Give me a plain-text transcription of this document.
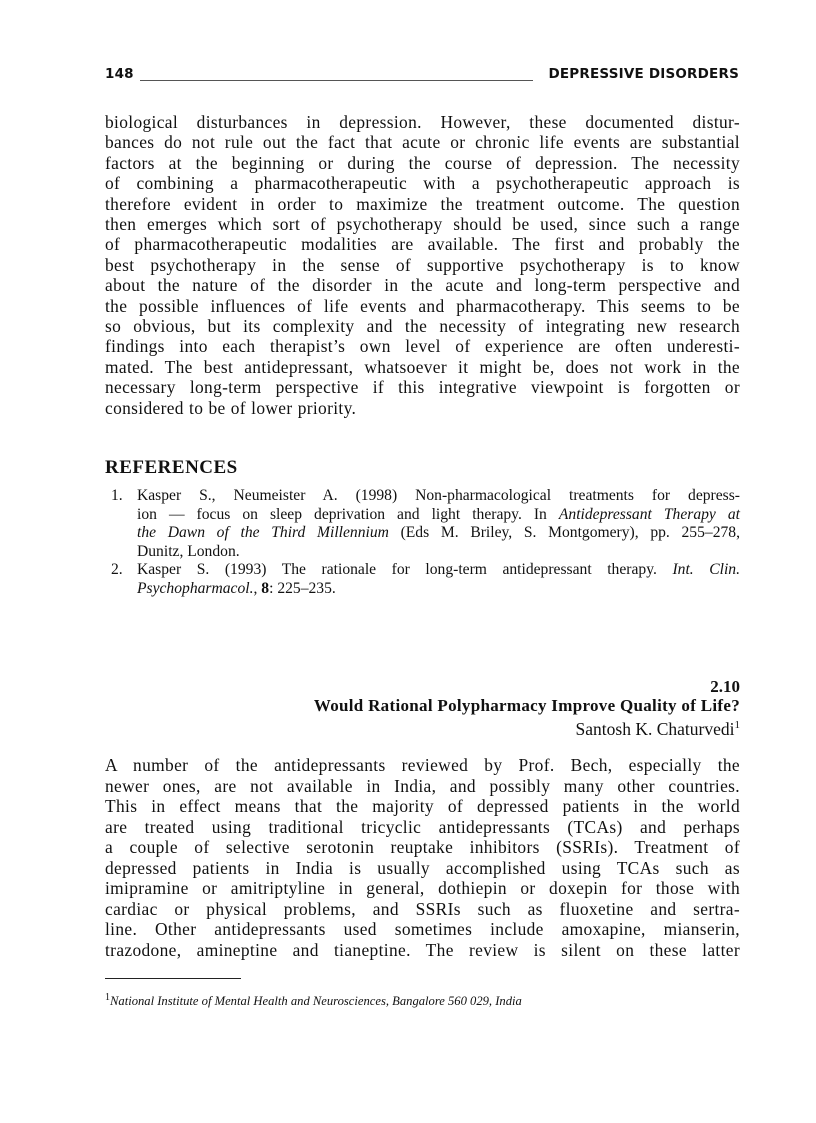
148	DEPRESSIVE DISORDERS
biological disturbances in depression. However, these documented distur-
bances do not rule out the fact that acute or chronic life events are substantial
factors at the beginning or during the course of depression. The necessity
of combining a pharmacotherapeutic with a psychotherapeutic approach is
therefore evident in order to maximize the treatment outcome. The question
then emerges which sort of psychotherapy should be used, since such a range
of pharmacotherapeutic modalities are available. The first and probably the
best psychotherapy in the sense of supportive psychotherapy is to know
about the nature of the disorder in the acute and long-term perspective and
the possible influences of life events and pharmacotherapy. This seems to be
so obvious, but its complexity and the necessity of integrating new research
findings into each therapist’s own level of experience are often underesti-
mated. The best antidepressant, whatsoever it might be, does not work in the
necessary long-term perspective if this integrative viewpoint is forgotten or
considered to be of lower priority.
REFERENCES
1. Kasper S., Neumeister A. (1998) Non-pharmacological treatments for depress-
ion — focus on sleep deprivation and light therapy. In Antidepressant Therapy at
the Dawn of the Third Millennium (Eds M. Briley, S. Montgomery), pp. 255–278,
Dunitz, London.
2. Kasper S. (1993) The rationale for long-term antidepressant therapy. Int. Clin.
Psychopharmacol., 8: 225–235.
2.10
Would Rational Polypharmacy Improve Quality of Life?
Santosh K. Chaturvedi$^1$
A number of the antidepressants reviewed by Prof. Bech, especially the
newer ones, are not available in India, and possibly many other countries.
This in effect means that the majority of depressed patients in the world
are treated using traditional tricyclic antidepressants (TCAs) and perhaps
a couple of selective serotonin reuptake inhibitors (SSRIs). Treatment of
depressed patients in India is usually accomplished using TCAs such as
imipramine or amitriptyline in general, dothiepin or doxepin for those with
cardiac or physical problems, and SSRIs such as fluoxetine and sertra-
line. Other antidepressants used sometimes include amoxapine, mianserin,
trazodone, amineptine and tianeptine. The review is silent on these latter
$^1$National Institute of Mental Health and Neurosciences, Bangalore 560 029, India
